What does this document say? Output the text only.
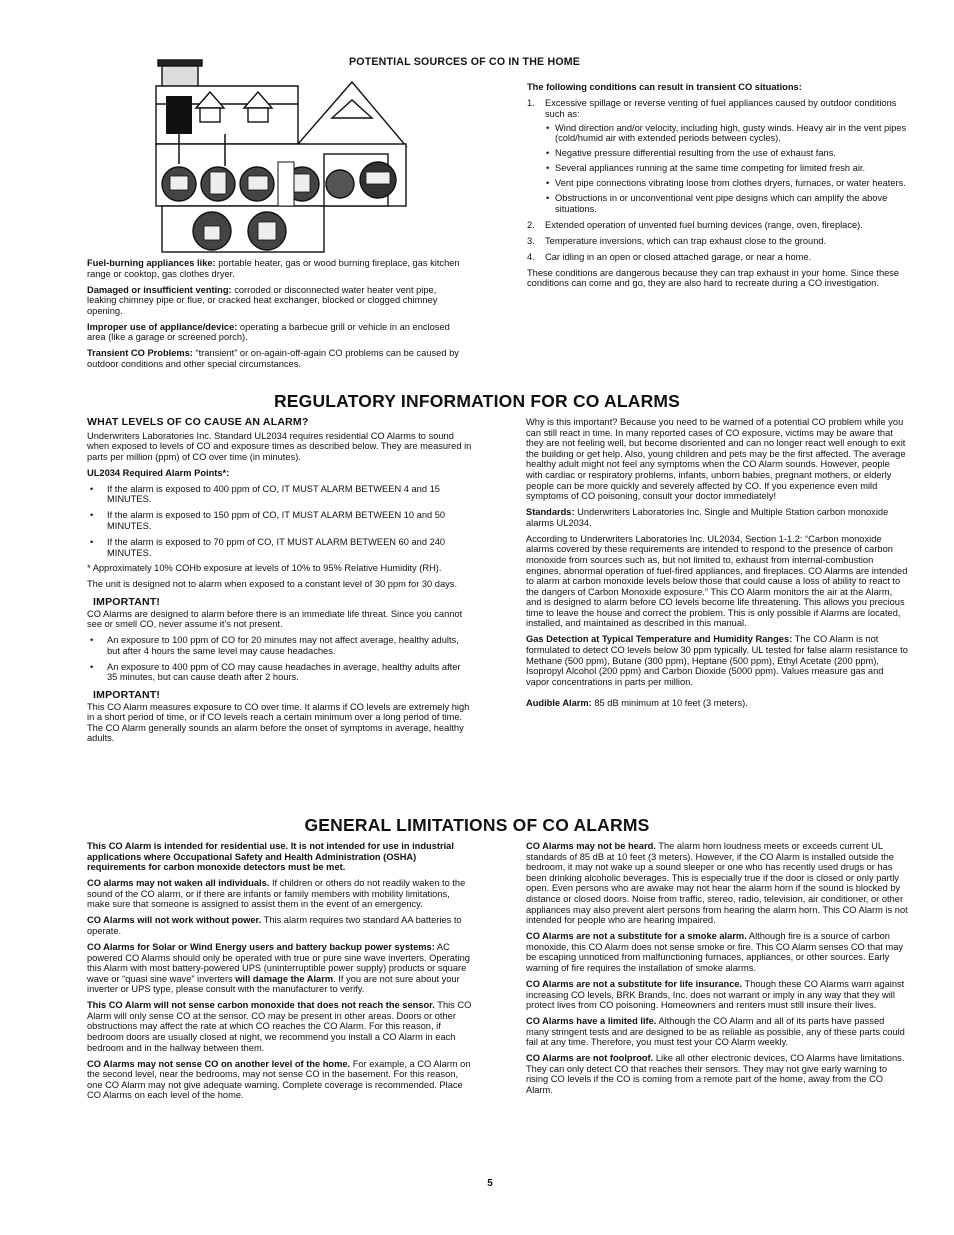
POTENTIAL SOURCES OF CO IN THE HOME

Fuel-burning appliances like: portable heater, gas or wood burning fireplace, gas kitchen range or cooktop, gas clothes dryer.

Damaged or insufficient venting: corroded or disconnected water heater vent pipe, leaking chimney pipe or flue, or cracked heat exchanger, blocked or clogged chimney opening.

Improper use of appliance/device: operating a barbecue grill or vehicle in an enclosed area (like a garage or screened porch).

Transient CO Problems: “transient” or on-again-off-again CO problems can be caused by outdoor conditions and other special circumstances.

The following conditions can result in transient CO situations:

1. Excessive spillage or reverse venting of fuel appliances caused by outdoor conditions such as:
• Wind direction and/or velocity, including high, gusty winds. Heavy air in the vent pipes (cold/humid air with extended periods between cycles).
• Negative pressure differential resulting from the use of exhaust fans.
• Several appliances running at the same time competing for limited fresh air.
• Vent pipe connections vibrating loose from clothes dryers, furnaces, or water heaters.
• Obstructions in or unconventional vent pipe designs which can amplify the above situations.
2. Extended operation of unvented fuel burning devices (range, oven, fireplace).
3. Temperature inversions, which can trap exhaust close to the ground.
4. Car idling in an open or closed attached garage, or near a home.

These conditions are dangerous because they can trap exhaust in your home. Since these conditions can come and go, they are also hard to recreate during a CO investigation.

REGULATORY INFORMATION FOR CO ALARMS
WHAT LEVELS OF CO CAUSE AN ALARM?

Underwriters Laboratories Inc. Standard UL2034 requires residential CO Alarms to sound when exposed to levels of CO and exposure times as described below. They are measured in parts per million (ppm) of CO over time (in minutes).

UL2034 Required Alarm Points*:

• If the alarm is exposed to 400 ppm of CO, IT MUST ALARM BETWEEN 4 and 15 MINUTES.
• If the alarm is exposed to 150 ppm of CO, IT MUST ALARM BETWEEN 10 and 50 MINUTES.
• If the alarm is exposed to 70 ppm of CO, IT MUST ALARM BETWEEN 60 and 240 MINUTES.

* Approximately 10% COHb exposure at levels of 10% to 95% Relative Humidity (RH).

The unit is designed not to alarm when exposed to a constant level of 30 ppm for 30 days.

IMPORTANT!

CO Alarms are designed to alarm before there is an immediate life threat. Since you cannot see or smell CO, never assume it’s not present.

• An exposure to 100 ppm of CO for 20 minutes may not affect average, healthy adults, but after 4 hours the same level may cause headaches.
• An exposure to 400 ppm of CO may cause headaches in average, healthy adults after 35 minutes, but can cause death after 2 hours.
IMPORTANT!

This CO Alarm measures exposure to CO over time. It alarms if CO levels are extremely high in a short period of time, or if CO levels reach a certain minimum over a long period of time. The CO Alarm generally sounds an alarm before the onset of symptoms in average, healthy adults.

Why is this important? Because you need to be warned of a potential CO problem while you can still react in time. In many reported cases of CO exposure, victims may be aware that they are not feeling well, but become disoriented and can no longer react well enough to exit the building or get help. Also, young children and pets may be the first affected. The average healthy adult might not feel any symptoms when the CO Alarm sounds. However, people with cardiac or respiratory problems, infants, unborn babies, pregnant mothers, or elderly people can be more quickly and severely affected by CO. If you experience even mild symptoms of CO poisoning, consult your doctor immediately!

Standards: Underwriters Laboratories Inc. Single and Multiple Station carbon monoxide alarms UL2034.

According to Underwriters Laboratories Inc. UL2034, Section 1-1.2: “Carbon monoxide alarms covered by these requirements are intended to respond to the presence of carbon monoxide from sources such as, but not limited to, exhaust from internal-combustion engines, abnormal operation of fuel-fired appliances, and fireplaces. CO Alarms are intended to alarm at carbon monoxide levels below those that could cause a loss of ability to react to the dangers of Carbon Monoxide exposure.” This CO Alarm monitors the air at the Alarm, and is designed to alarm before CO levels become life threatening. This allows you precious time to leave the house and correct the problem. This is only possible if Alarms are located, installed, and maintained as described in this manual.

Gas Detection at Typical Temperature and Humidity Ranges: The CO Alarm is not formulated to detect CO levels below 30 ppm typically. UL tested for false alarm resistance to Methane (500 ppm), Butane (300 ppm), Heptane (500 ppm), Ethyl Acetate (200 ppm), Isopropyl Alcohol (200 ppm) and Carbon Dioxide (5000 ppm). Values measure gas and vapor concentrations in parts per million.

Audible Alarm: 85 dB minimum at 10 feet (3 meters).

GENERAL LIMITATIONS OF CO ALARMS

This CO Alarm is intended for residential use. It is not intended for use in industrial applications where Occupational Safety and Health Administration (OSHA) requirements for carbon monoxide detectors must be met.

CO alarms may not waken all individuals. If children or others do not readily waken to the sound of the CO alarm, or if there are infants or family members with mobility limitations, make sure that someone is assigned to assist them in the event of an emergency.

CO Alarms will not work without power. This alarm requires two standard AA batteries to operate.

CO Alarms for Solar or Wind Energy users and battery backup power systems: AC powered CO Alarms should only be operated with true or pure sine wave inverters. Operating this Alarm with most battery-powered UPS (uninterruptible power supply) products or square wave or “quasi sine wave” inverters will damage the Alarm. If you are not sure about your inverter or UPS type, please consult with the manufacturer to verify.

This CO Alarm will not sense carbon monoxide that does not reach the sensor. This CO Alarm will only sense CO at the sensor. CO may be present in other areas. Doors or other obstructions may affect the rate at which CO reaches the CO Alarm. For this reason, if bedroom doors are usually closed at night, we recommend you install a CO Alarm in each bedroom and in the hallway between them.

CO Alarms may not sense CO on another level of the home. For example, a CO Alarm on the second level, near the bedrooms, may not sense CO in the basement. For this reason, one CO Alarm may not give adequate warning. Complete coverage is recommended. Place CO Alarms on each level of the home.

CO Alarms may not be heard. The alarm horn loudness meets or exceeds current UL standards of 85 dB at 10 feet (3 meters). However, if the CO Alarm is installed outside the bedroom, it may not wake up a sound sleeper or one who has recently used drugs or has been drinking alcoholic beverages. This is especially true if the door is closed or only partly open. Even persons who are awake may not hear the alarm horn if the sound is blocked by distance or closed doors. Noise from traffic, stereo, radio, television, air conditioner, or other appliances may also prevent alert persons from hearing the alarm horn. This CO Alarm is not intended for people who are hearing impaired.

CO Alarms are not a substitute for a smoke alarm. Although fire is a source of carbon monoxide, this CO Alarm does not sense smoke or fire. This CO Alarm senses CO that may be escaping unnoticed from malfunctioning furnaces, appliances, or other sources. Early warning of fire requires the installation of smoke alarms.

CO Alarms are not a substitute for life insurance. Though these CO Alarms warn against increasing CO levels, BRK Brands, Inc. does not warrant or imply in any way that they will protect lives from CO poisoning. Homeowners and renters must still insure their lives.

CO Alarms have a limited life. Although the CO Alarm and all of its parts have passed many stringent tests and are designed to be as reliable as possible, any of these parts could fail at any time. Therefore, you must test your CO Alarm weekly.

CO Alarms are not foolproof. Like all other electronic devices, CO Alarms have limitations. They can only detect CO that reaches their sensors. They may not give early warning to rising CO levels if the CO is coming from a remote part of the home, away from the CO Alarm.

5
